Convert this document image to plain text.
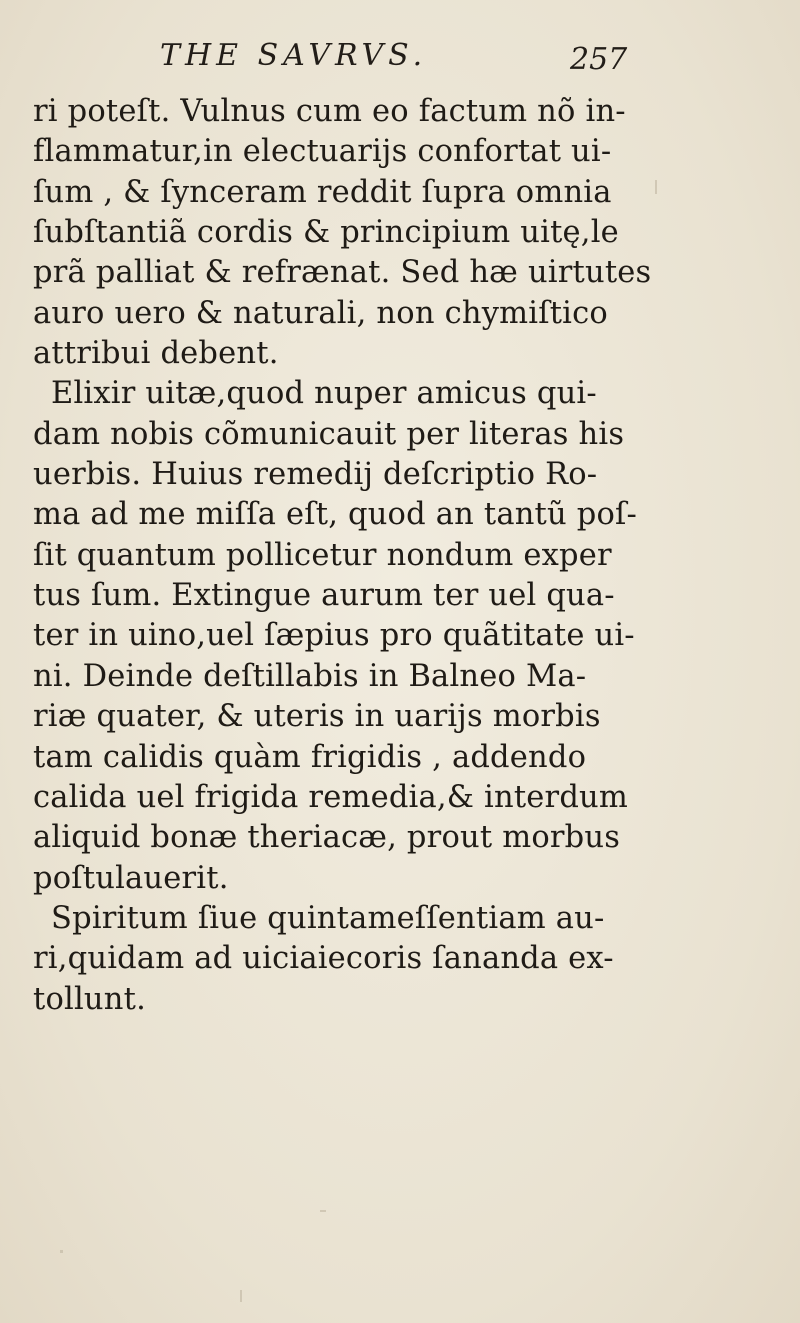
THE SAVRVS.	257
ri poteſt. Vulnus cum eo factum nõ in-
flammatur,in electuarijs confortat ui-
ſum , & ſynceram reddit ſupra omnia
ſubſtantiã cordis & principium uitę,le
prã palliat & refrænat. Sed hæ uirtutes
auro uero & naturali, non chymiſtico
attribui debent.
Elixir uitæ,quod nuper amicus qui-
dam nobis cõmunicauit per literas his
uerbis. Huius remedij deſcriptio Ro-
ma ad me miſſa eſt, quod an tantũ poſ-
ſit quantum pollicetur nondum exper
tus ſum. Extingue aurum ter uel qua-
ter in uino,uel ſæpius pro quãtitate ui-
ni. Deinde deſtillabis in Balneo Ma-
riæ quater, & uteris in uarijs morbis
tam calidis quàm frigidis , addendo
calida uel frigida remedia,& interdum
aliquid bonæ theriacæ, prout morbus
poſtulauerit.
Spiritum ſiue quintameſſentiam au-
ri,quidam ad uiciaiecoris ſananda ex-
tollunt.
